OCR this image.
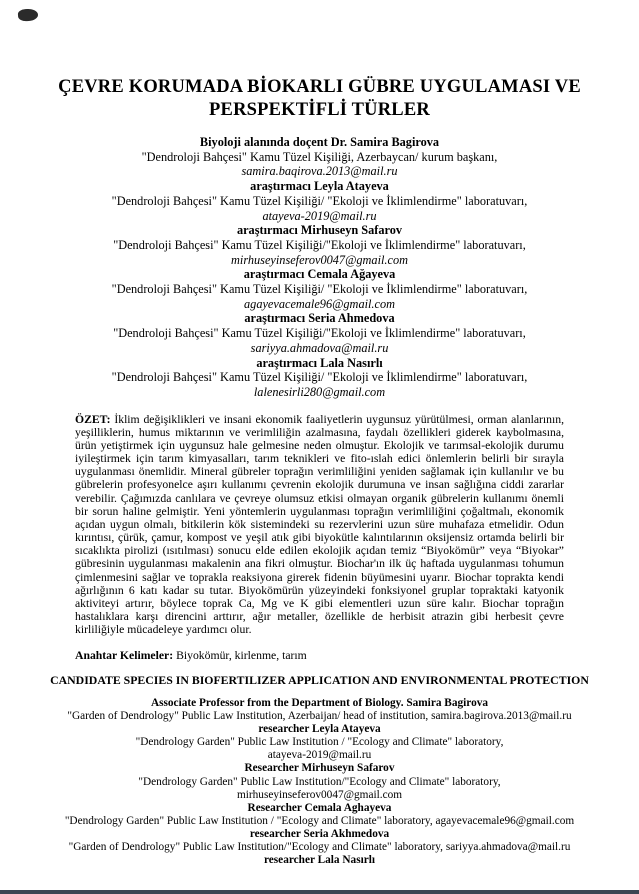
ÇEVRE KORUMADA BİOKARLI GÜBRE UYGULAMASI VE
PERSPEKTİFLİ TÜRLER
Biyoloji alanında doçent Dr. Samira Bagirova
"Dendroloji Bahçesi" Kamu Tüzel Kişiliği, Azerbaycan/ kurum başkanı,
samira.baqirova.2013@mail.ru
araştırmacı Leyla Atayeva
"Dendroloji Bahçesi" Kamu Tüzel Kişiliği/ "Ekoloji ve İklimlendirme" laboratuvarı,
atayeva-2019@mail.ru
araştırmacı Mirhuseyn Safarov
"Dendroloji Bahçesi" Kamu Tüzel Kişiliği/"Ekoloji ve İklimlendirme" laboratuvarı,
mirhuseyinseferov0047@gmail.com
araştırmacı Cemala Ağayeva
"Dendroloji Bahçesi" Kamu Tüzel Kişiliği/ "Ekoloji ve İklimlendirme" laboratuvarı,
agayevacemale96@gmail.com
araştırmacı Seria Ahmedova
"Dendroloji Bahçesi" Kamu Tüzel Kişiliği/"Ekoloji ve İklimlendirme" laboratuvarı,
sariyya.ahmadova@mail.ru
araştırmacı Lala Nasırlı
"Dendroloji Bahçesi" Kamu Tüzel Kişiliği/ "Ekoloji ve İklimlendirme" laboratuvarı,
lalenesirli280@gmail.com

ÖZET: İklim değişiklikleri ve insani ekonomik faaliyetlerin uygunsuz yürütülmesi, orman alanlarının, yeşilliklerin, humus miktarının ve verimliliğin azalmasına, faydalı özellikleri giderek kaybolmasına, ürün yetiştirmek için uygunsuz hale gelmesine neden olmuştur. Ekolojik ve tarımsal-ekolojik durumu iyileştirmek için tarım kimyasalları, tarım teknikleri ve fito-ıslah edici önlemlerin belirli bir sırayla uygulanması önemlidir. Mineral gübreler toprağın verimliliğini yeniden sağlamak için kullanılır ve bu gübrelerin profesyonelce aşırı kullanımı çevrenin ekolojik durumuna ve insan sağlığına ciddi zararlar verebilir. Çağımızda canlılara ve çevreye olumsuz etkisi olmayan organik gübrelerin kullanımı önemli bir sorun haline gelmiştir. Yeni yöntemlerin uygulanması toprağın verimliliğini çoğaltmalı, ekonomik açıdan uygun olmalı, bitkilerin kök sistemindeki su rezervlerini uzun süre muhafaza etmelidir. Odun kırıntısı, çürük, çamur, kompost ve yeşil atık gibi biyokütle kalıntılarının oksijensiz ortamda belirli bir sıcaklıkta pirolizi (ısıtılması) sonucu elde edilen ekolojik açıdan temiz “Biyokömür” veya “Biyokar” gübresinin uygulanması makalenin ana fikri olmuştur. Biochar'ın ilk üç haftada uygulanması tohumun çimlenmesini sağlar ve toprakla reaksiyona girerek fidenin büyümesini uyarır. Biochar toprakta kendi ağırlığının 6 katı kadar su tutar. Biyokömürün yüzeyindeki fonksiyonel gruplar topraktaki katyonik aktiviteyi artırır, böylece toprak Ca, Mg ve K gibi elementleri uzun süre kalır. Biochar toprağın hastalıklara karşı direncini arttırır, ağır metaller, özellikle de herbisit atrazin gibi herbesit çevre kirliliğiyle mücadeleye yardımcı olur.

Anahtar Kelimeler: Biyokömür, kirlenme, tarım

CANDIDATE SPECIES IN BIOFERTILIZER APPLICATION AND ENVIRONMENTAL PROTECTION
Associate Professor from the Department of Biology. Samira Bagirova
"Garden of Dendrology" Public Law Institution, Azerbaijan/ head of institution, samira.bagirova.2013@mail.ru
researcher Leyla Atayeva
"Dendrology Garden" Public Law Institution / "Ecology and Climate" laboratory,
atayeva-2019@mail.ru
Researcher Mirhuseyn Safarov
"Dendrology Garden" Public Law Institution/"Ecology and Climate" laboratory,
mirhuseyinseferov0047@gmail.com
Researcher Cemala Aghayeva
"Dendrology Garden" Public Law Institution / "Ecology and Climate" laboratory, agayevacemale96@gmail.com
researcher Seria Akhmedova
"Garden of Dendrology" Public Law Institution/"Ecology and Climate" laboratory, sariyya.ahmadova@mail.ru
researcher Lala Nasırlı
